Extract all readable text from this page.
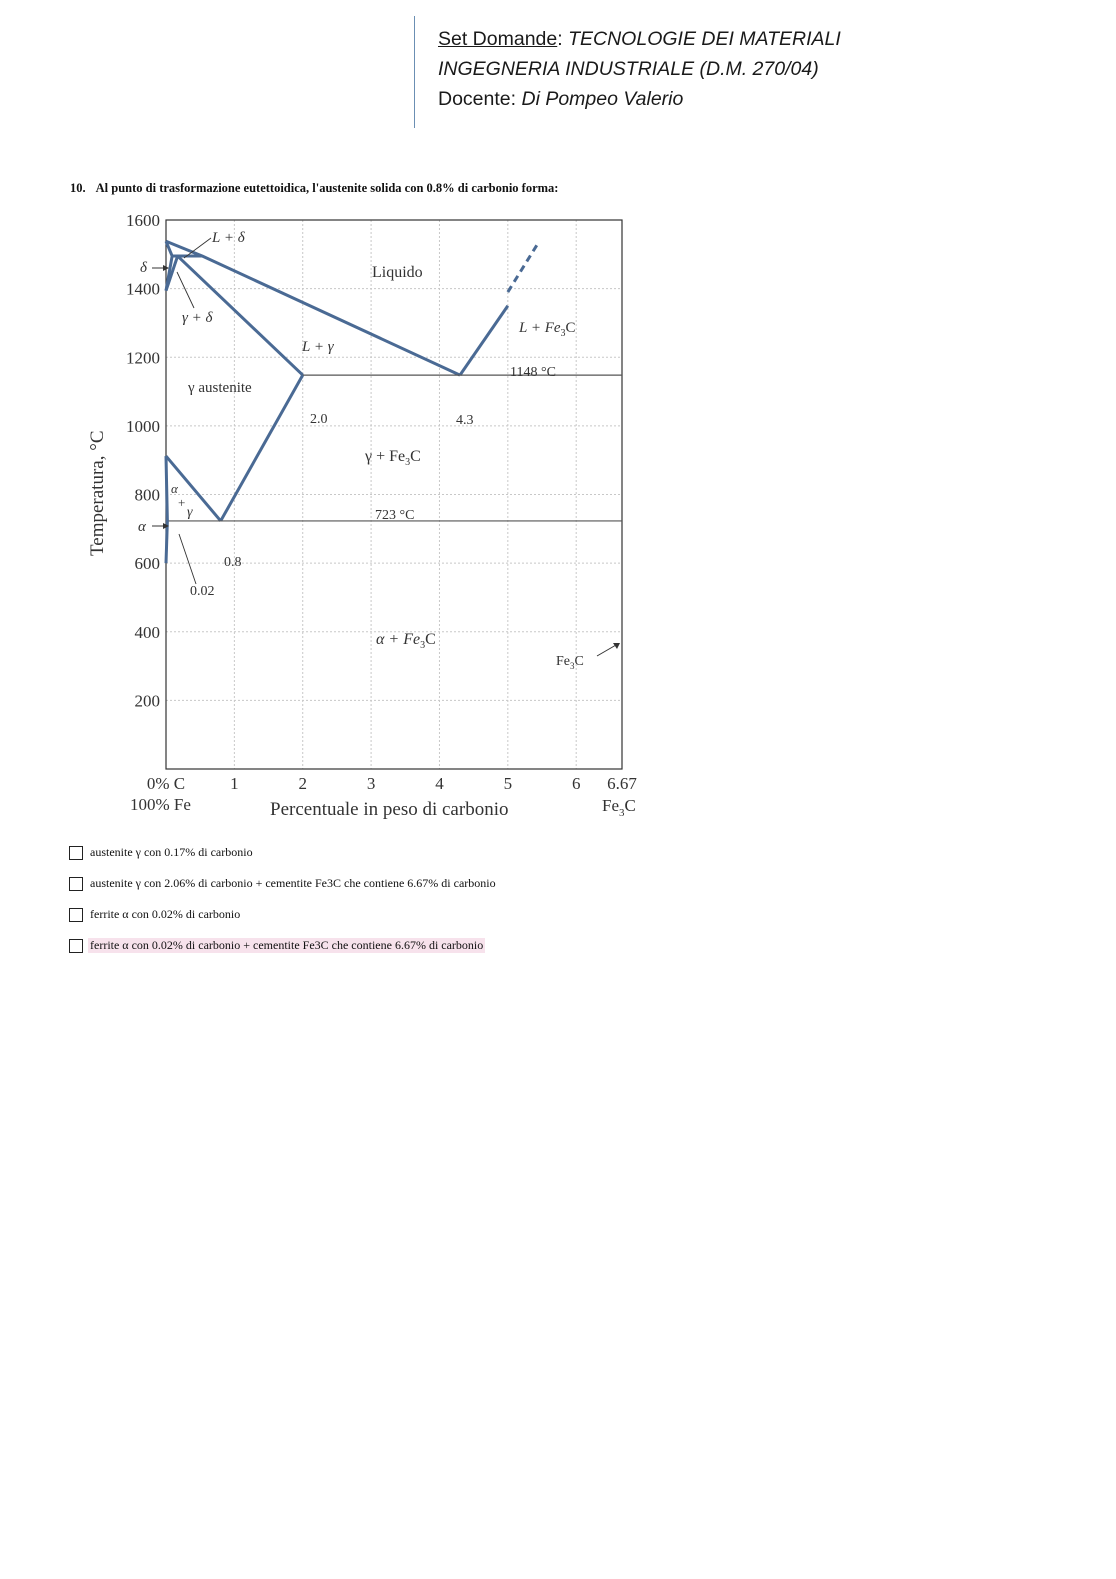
Set Domande: TECNOLOGIE DEI MATERIALI
INGEGNERIA INDUSTRIALE (D.M. 270/04)
Docente: Di Pompeo Valerio
10. Al punto di trasformazione eutettoidica, l'austenite solida con 0.8% di carbonio forma:
0% C	1	2	3	4	5	6 6.67
200
400
600
800
1000
1200
1400
1600
Temperatura, °C
Percentuale in peso di carbonio
100% Fe	$Fe_3C$
δ
α
L + δ
Liquido
γ + δ
L + γ
γ austenite
$L + Fe_3C$
1148 °C
2.0	4.3
$\gamma + Fe_3C$
723 °C
α
+
γ
0.8
0.02
$\alpha + Fe_3C$
$Fe_3C$
austenite γ con 0.17% di carbonio
austenite γ con 2.06% di carbonio + cementite Fe3C che contiene 6.67% di carbonio
ferrite α con 0.02% di carbonio
ferrite α con 0.02% di carbonio + cementite Fe3C che contiene 6.67% di carbonio
